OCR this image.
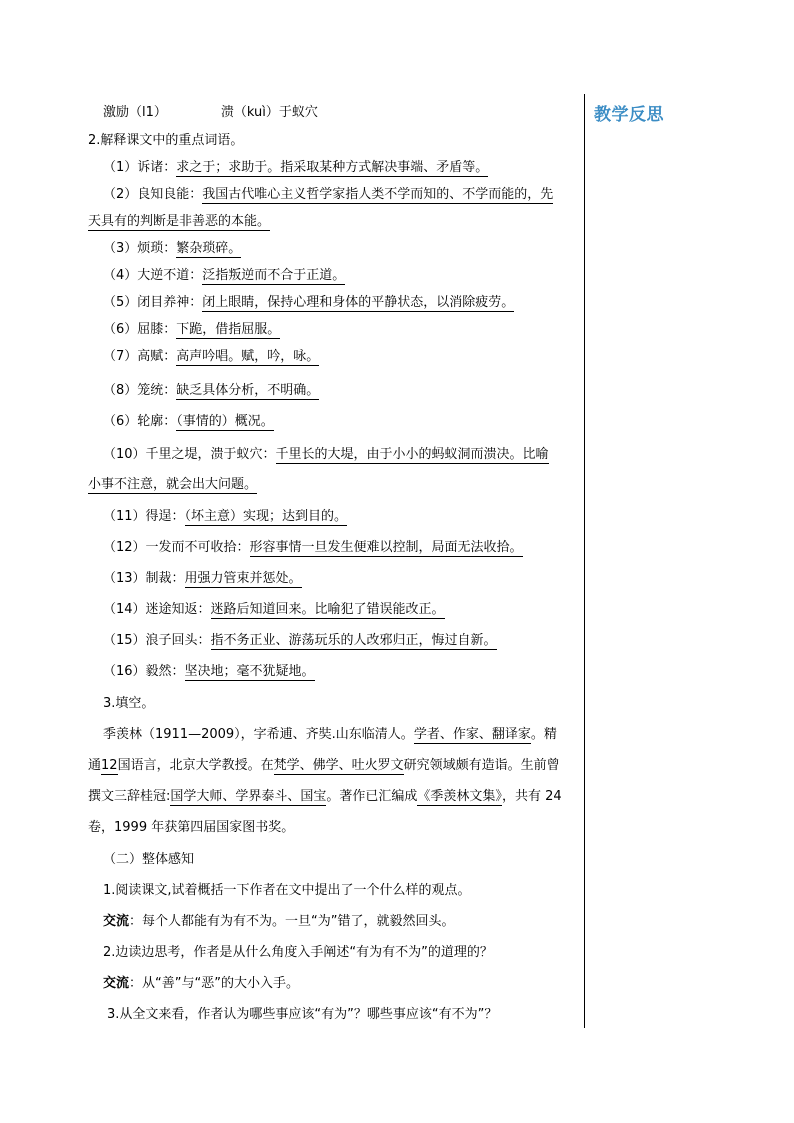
教学反思
激励（l1）	溃（kuì）于蚁穴
2.解释课文中的重点词语。
（1）诉诸：求之于；求助于。指采取某种方式解决事端、矛盾等。
（2）良知良能：我国古代唯心主义哲学家指人类不学而知的、不学而能的，先
天具有的判断是非善恶的本能。
（3）烦琐：繁杂琐碎。
（4）大逆不道：泛指叛逆而不合于正道。
（5）闭目养神：闭上眼睛，保持心理和身体的平静状态，以消除疲劳。
（6）屈膝：下跪，借指屈服。
（7）高赋：高声吟唱。赋，吟，咏。
（8）笼统：缺乏具体分析，不明确。
（6）轮廓：（事情的）概况。
（10）千里之堤，溃于蚁穴：千里长的大堤，由于小小的蚂蚁洞而溃决。比喻
小事不注意，就会出大问题。
（11）得逞：（坏主意）实现；达到目的。
（12）一发而不可收拾：形容事情一旦发生便难以控制，局面无法收拾。
（13）制裁：用强力管束并惩处。
（14）迷途知返：迷路后知道回来。比喻犯了错误能改正。
（15）浪子回头：指不务正业、游荡玩乐的人改邪归正，悔过自新。
（16）毅然：坚决地；毫不犹疑地。
3.填空。
季羡林（1911—2009），字希逋、齐奘.山东临清人。学者、作家、翻译家。精
通12国语言，北京大学教授。在梵学、佛学、吐火罗文研究领域颇有造诣。生前曾
撰文三辞桂冠:国学大师、学界泰斗、国宝。著作已汇编成《季羡林文集》，共有 24
卷，1999 年获第四届国家图书奖。
（二）整体感知
1.阅读课文,试着概括一下作者在文中提出了一个什么样的观点。
交流：每个人都能有为有不为。一旦“为”错了，就毅然回头。
2.边读边思考，作者是从什么角度入手阐述“有为有不为”的道理的？
交流：从“善”与“恶”的大小入手。
3.从全文来看，作者认为哪些事应该“有为”？哪些事应该“有不为”？
